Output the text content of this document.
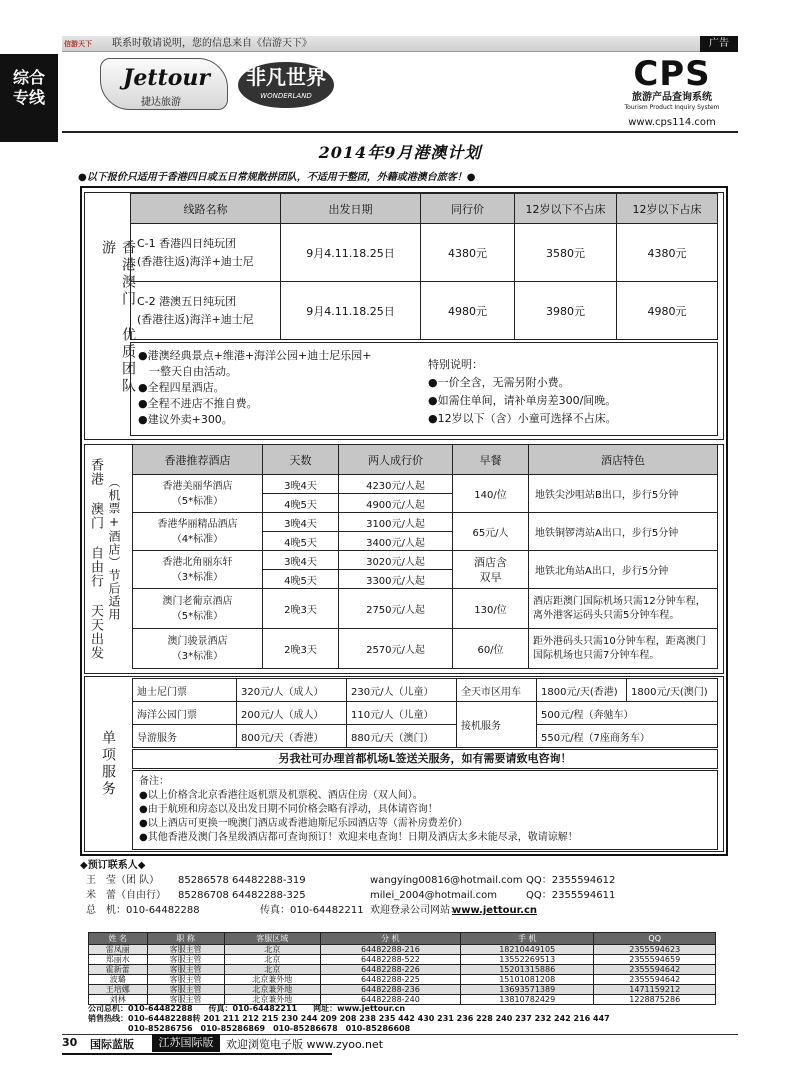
信游天下	联系时敬请说明，您的信息来自《信游天下》	广告
综合专线
Jettour
捷达旅游
非凡世界
WONDERLAND
CPS
旅游产品查询系统
Tourism Product Inquiry System
www.cps114.com
2014年9月港澳计划
●以下报价只适用于香港四日或五日常规散拼团队，不适用于整团，外籍或港澳台旅客！●
香港澳门 优质团队游
线路名称	出发日期	同行价	12岁以下不占床	12岁以下占床
C-1 香港四日纯玩团
(香港往返)海洋+迪士尼	9月4.11.18.25日	4380元	3580元	4380元
C-2 港澳五日纯玩团
(香港往返)海洋+迪士尼	9月4.11.18.25日	4980元	3980元	4980元
●港澳经典景点+维港+海洋公园+迪士尼乐园+
　一整天自由活动。
●全程四星酒店。
●全程不进店不推自费。
●建议外卖+300。
特别说明：
●一价全含，无需另附小费。
●如需住单间，请补单房差300/间晚。
●12岁以下（含）小童可选择不占床。
香港 澳门 自由行 天天出发 （机票+酒店）节后适用
香港推荐酒店	天数	两人成行价	早餐	酒店特色
香港美丽华酒店
（5*标准）	3晚4天	4230元/人起	140/位	地铁尖沙咀站B出口，步行5分钟
	4晚5天	4900元/人起		
香港华丽精品酒店
（4*标准）	3晚4天	3100元/人起	65元/人	地铁铜锣湾站A出口，步行5分钟
	4晚5天	3400元/人起		
香港北角丽东轩
（3*标准）	3晚4天	3020元/人起	酒店含双早	地铁北角站A出口，步行5分钟
	4晚5天	3300元/人起		
澳门老葡京酒店
（5*标准）	2晚3天	2750元/人起	130/位	酒店距澳门国际机场只需12分钟车程，离外港客运码头只需5分钟车程。
澳门骏景酒店
（3*标准）	2晚3天	2570元/人起	60/位	距外港码头只需10分钟车程，距离澳门国际机场也只需7分钟车程。
单项服务
迪士尼门票	320元/人（成人）	230元/人（儿童）	全天市区用车	1800元/天(香港)	1800元/天(澳门)
海洋公园门票	200元/人（成人）	110元/人（儿童）	接机服务	500元/程（奔驰车）	
导游服务	800元/天（香港）	880元/天（澳门）		550元/程（7座商务车）	
另我社可办理首都机场L签送关服务，如有需要请致电咨询！
备注：
●以上价格含北京香港往返机票及机票税、酒店住房（双人间）。
●由于航班和房态以及出发日期不同价格会略有浮动，具体请咨询！
●以上酒店可更换一晚澳门酒店或香港迪斯尼乐园酒店等（需补房费差价）
●其他香港及澳门各星级酒店都可查询预订！欢迎来电查询！日期及酒店太多未能尽录，敬请谅解！
◆预订联系人◆
王　莹（团 队） 85286578 64482288-319	wangying00816@hotmail.com QQ：2355594612
米　蕾（自由行） 85286708 64482288-325	milei_2004@hotmail.com	QQ：2355594611
总　机：010-64482288	传真：010-64482211 欢迎登录公司网站：
www.jettour.cn
姓 名	职 称	客服区域	分 机	手 机	QQ
雷凤丽	客服主管	北京	64482288-216	18210449105	2355594623
郑丽水	客服主管	北京	64482288-522	13552269513	2355594659
霍新蕾	客服主管	北京	64482288-226	15201315886	2355594642
波璐	客服主管	北京兼外地	64482288-225	15101081208	2355594642
王培娜	客服主管	北京兼外地	64482288-236	13693571389	1471159212
刘林	客服主管	北京兼外地	64482288-240	13810782429	1228875286
公司总机：010-64482288　　传真：010-64482211　　网址：www.jettour.cn
销售热线：010-64482288转 201 211 212 215 230 244 209 208 238 235 442 430 231 236 228 240 237 232 242 216 447
　　　　　010-85286756　010-85286869　010-85286678　010-85286608
30 国际蓝版	江苏国际版	欢迎浏览电子版 www.zyoo.net
